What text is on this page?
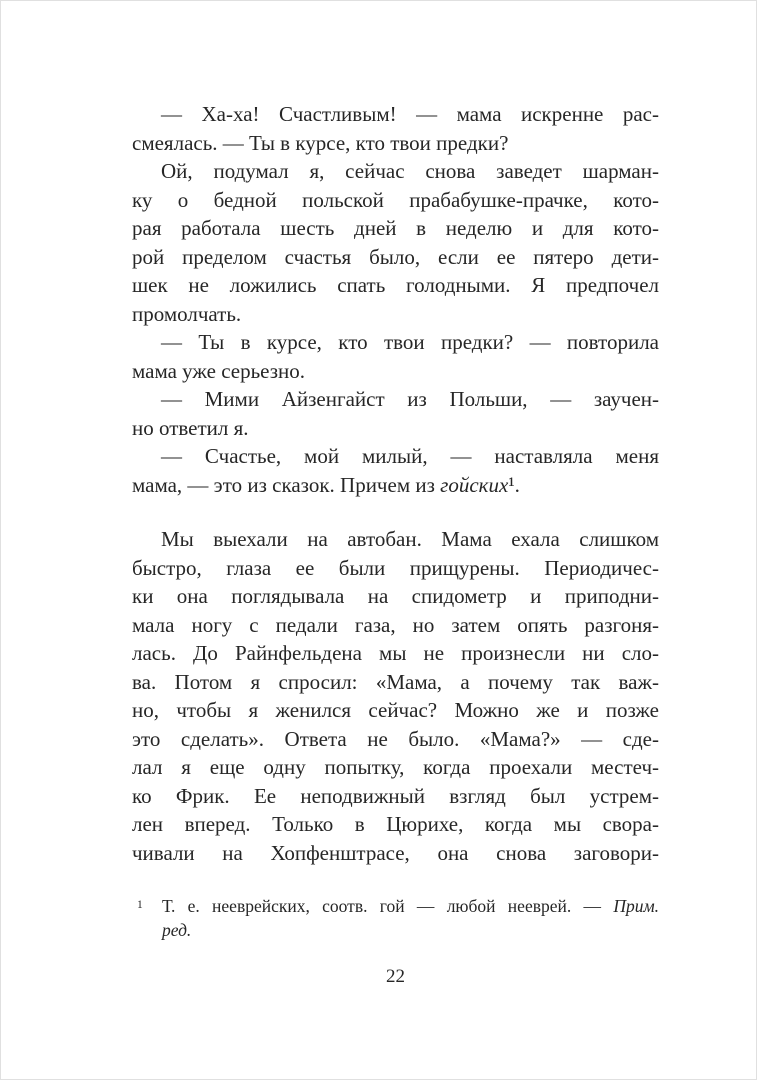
— Ха-ха! Счастливым! — мама искренне рас-
смеялась. — Ты в курсе, кто твои предки?
Ой, подумал я, сейчас снова заведет шарман-
ку о бедной польской прабабушке-прачке, кото-
рая работала шесть дней в неделю и для кото-
рой пределом счастья было, если ее пятеро дети-
шек не ложились спать голодными. Я предпочел
промолчать.
— Ты в курсе, кто твои предки? — повторила
мама уже серьезно.
— Мими Айзенгайст из Польши, — заучен-
но ответил я.
— Счастье, мой милый, — наставляла меня
мама, — это из сказок. Причем из гойских¹.
Мы выехали на автобан. Мама ехала слишком
быстро, глаза ее были прищурены. Периодичес-
ки она поглядывала на спидометр и приподни-
мала ногу с педали газа, но затем опять разгоня-
лась. До Райнфельдена мы не произнесли ни сло-
ва. Потом я спросил: «Мама, а почему так важ-
но, чтобы я женился сейчас? Можно же и позже
это сделать». Ответа не было. «Мама?» — сде-
лал я еще одну попытку, когда проехали местеч-
ко Фрик. Ее неподвижный взгляд был устрем-
лен вперед. Только в Цюрихе, когда мы свора-
чивали на Хопфенштрасе, она снова заговори-
1 Т. е. нееврейских, соотв. гой — любой нееврей. — Прим.
ред.
22
